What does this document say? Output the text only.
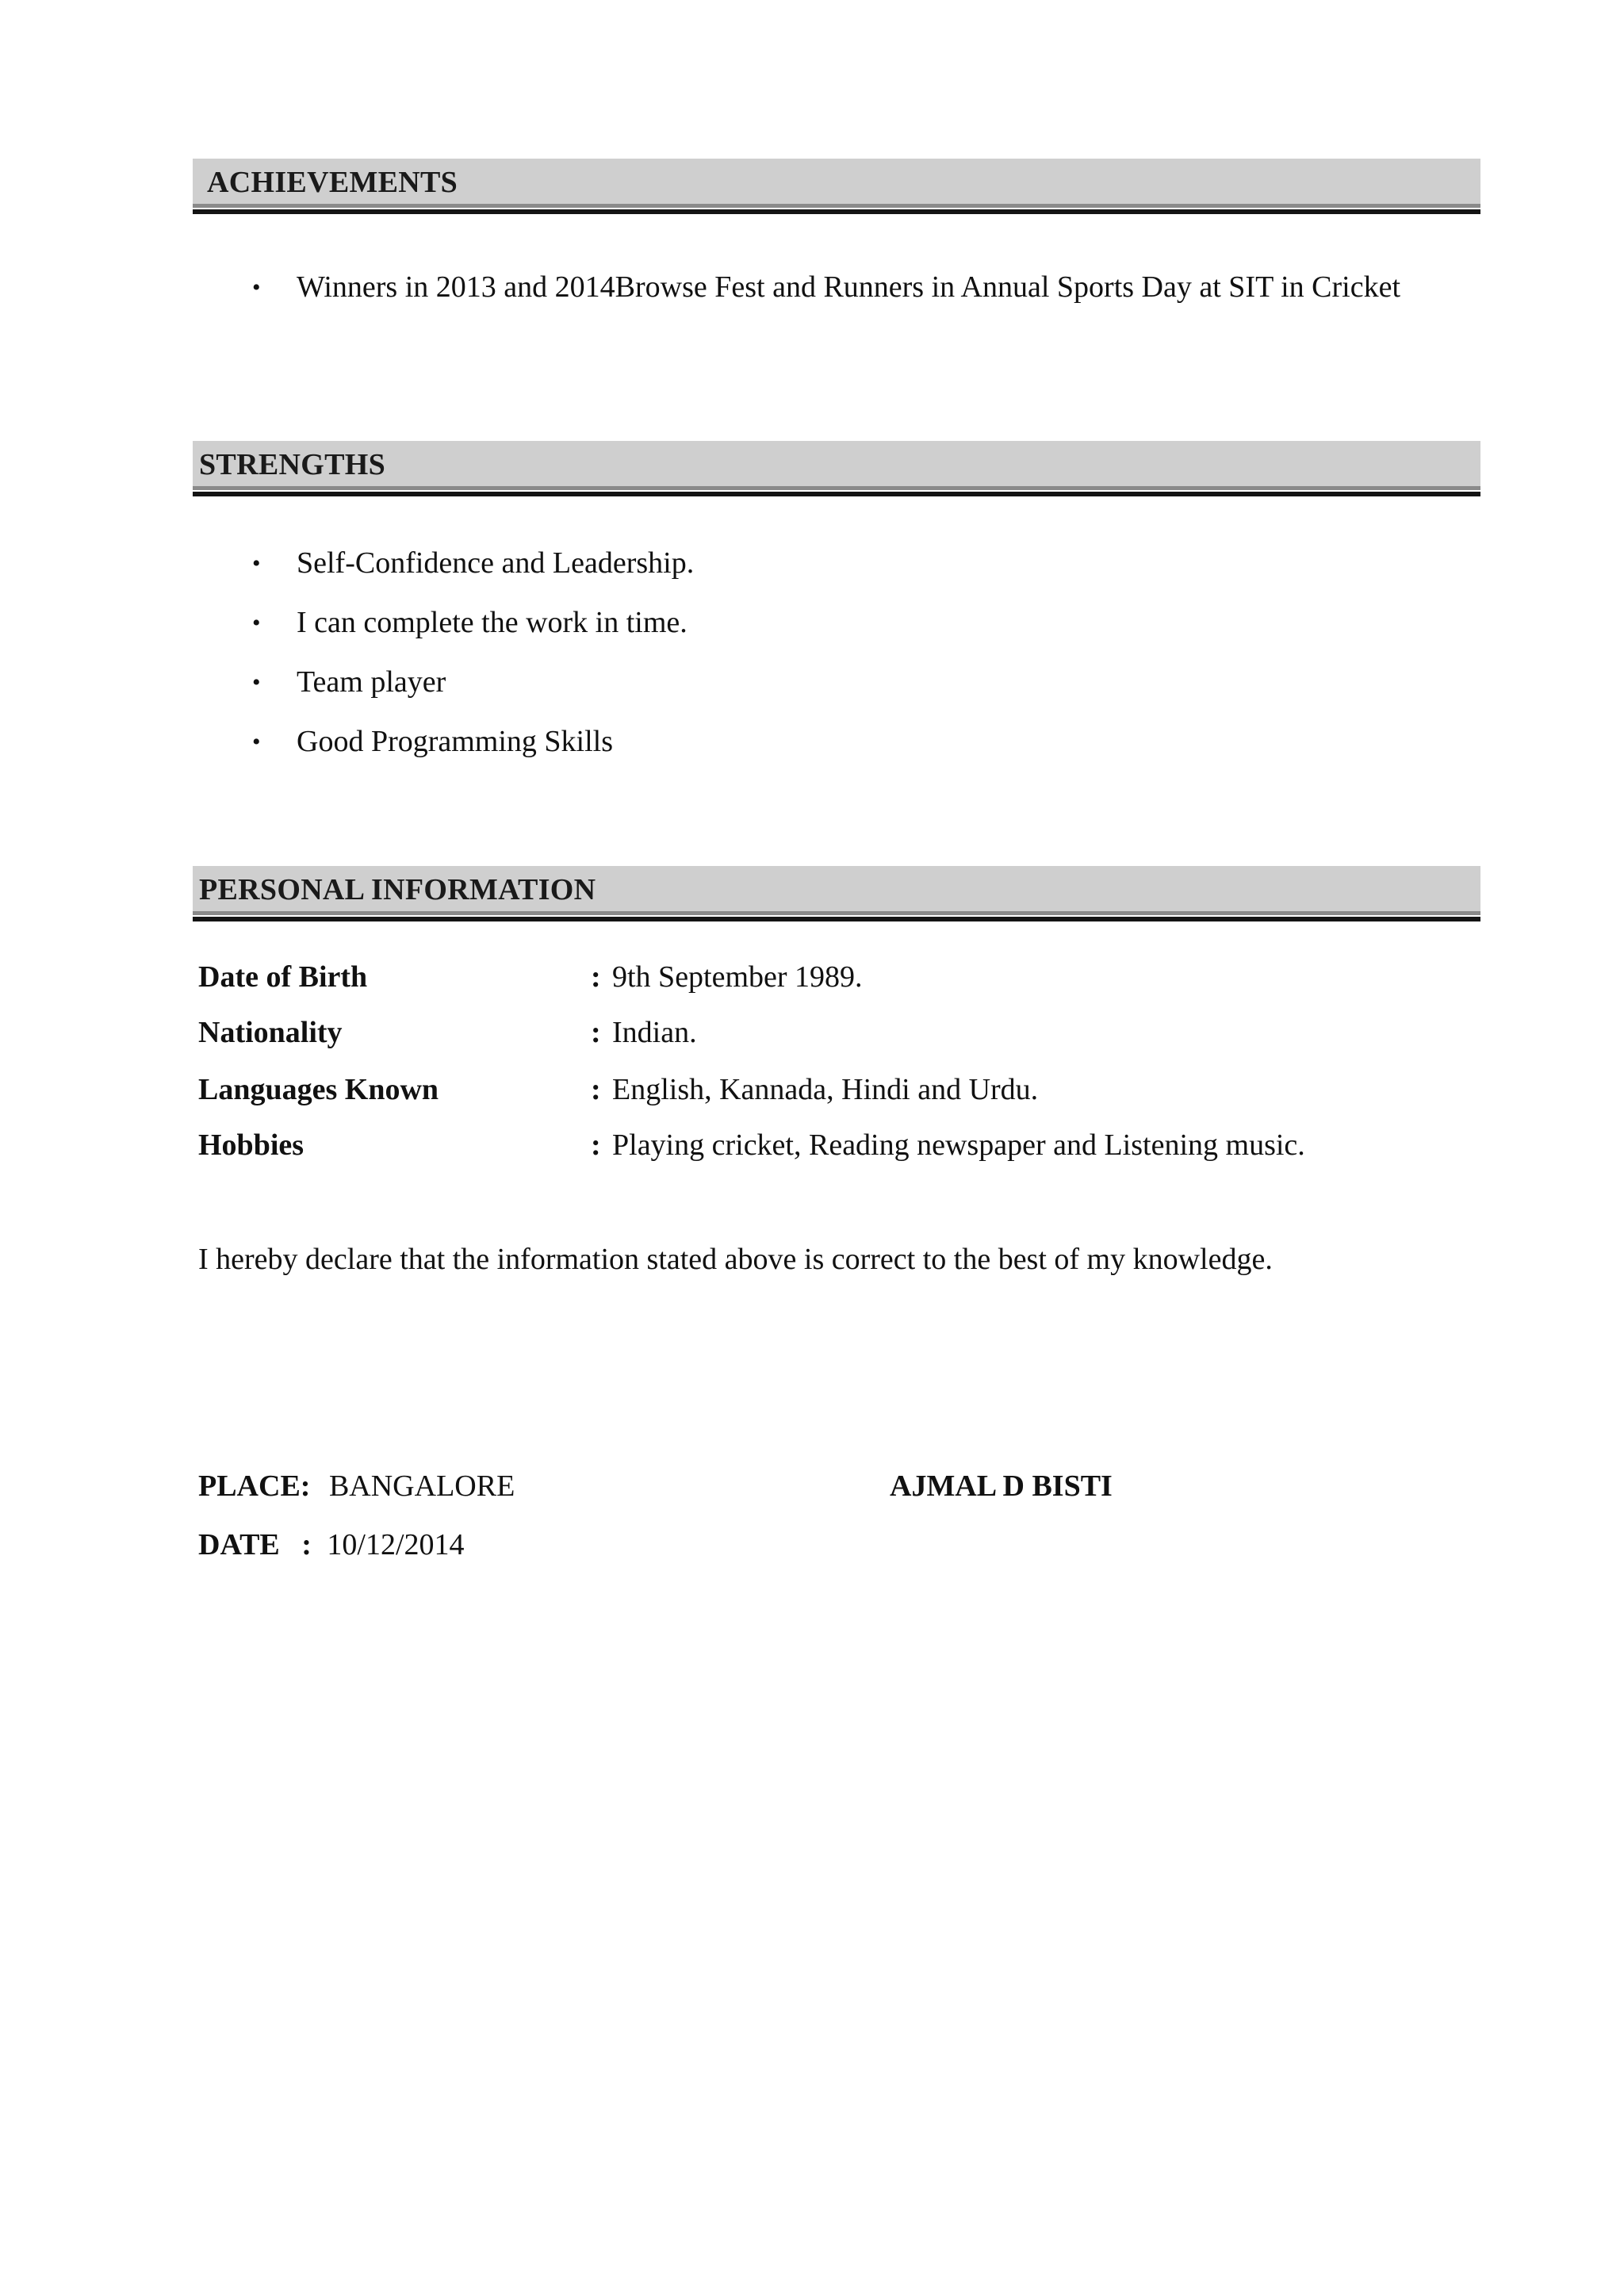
ACHIEVEMENTS
• Winners in 2013 and 2014Browse Fest and Runners in Annual Sports Day at SIT in Cricket
STRENGTHS
• Self-Confidence and Leadership.
• I can complete the work in time.
• Team player
• Good Programming Skills
PERSONAL INFORMATION
Date of Birth	: 9th September 1989.
Nationality	: Indian.
Languages Known	: English, Kannada, Hindi and Urdu.
Hobbies	: Playing cricket, Reading newspaper and Listening music.
I hereby declare that the information stated above is correct to the best of my knowledge.
PLACE: BANGALORE
DATE : 10/12/2014
AJMAL D BISTI
